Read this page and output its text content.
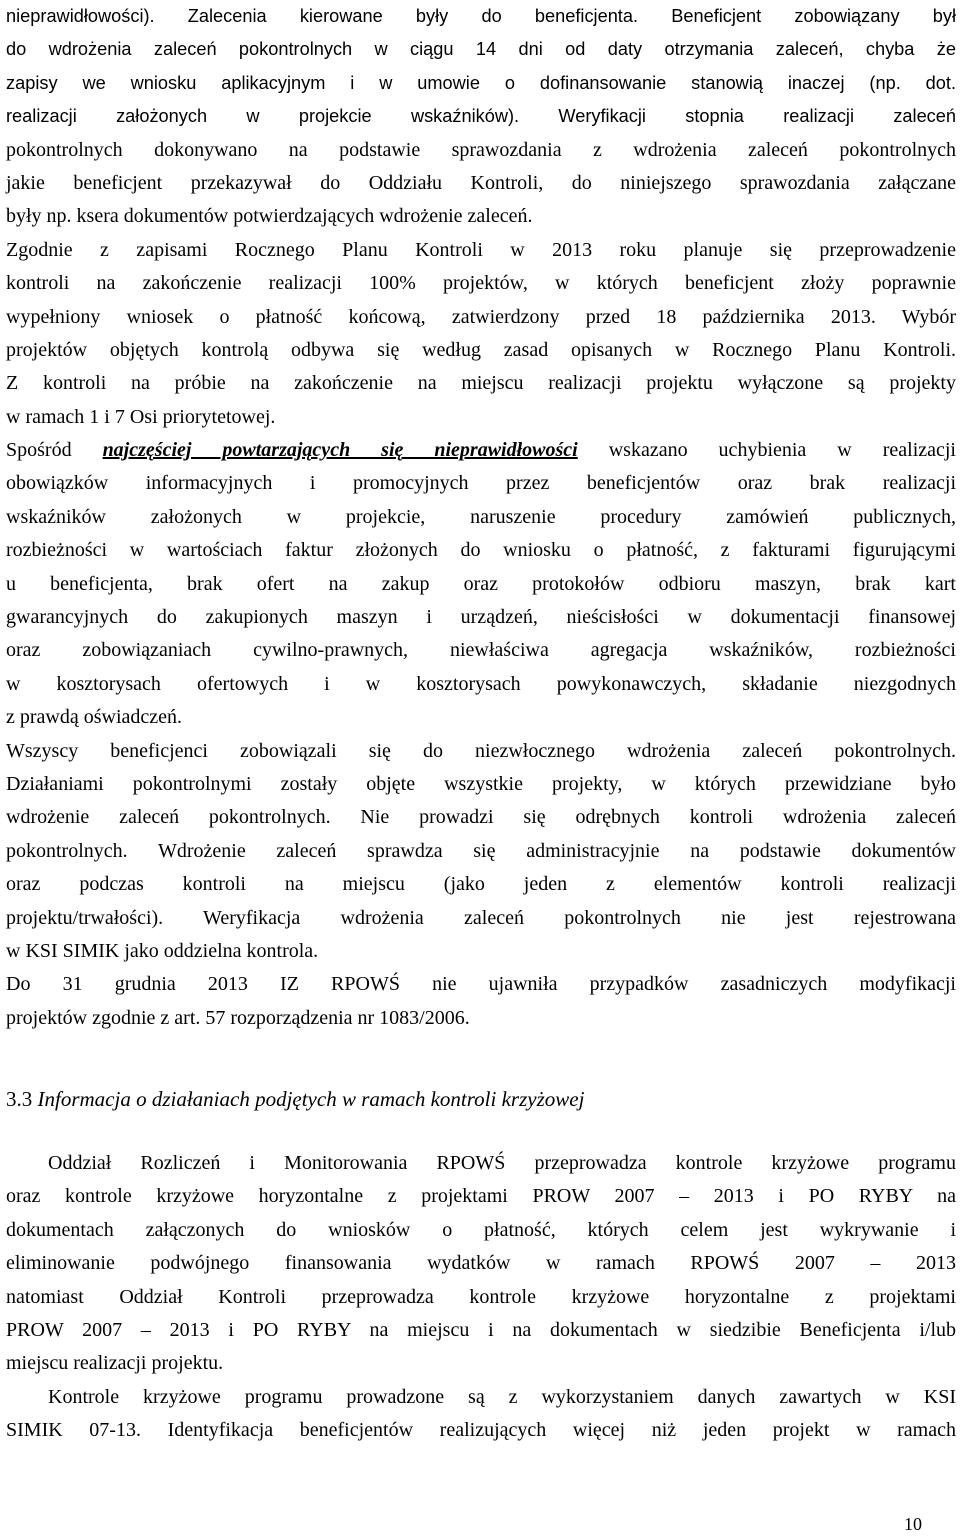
nieprawidłowości). Zalecenia kierowane były do beneficjenta. Beneficjent zobowiązany był
do wdrożenia zaleceń pokontrolnych w ciągu 14 dni od daty otrzymania zaleceń, chyba że
zapisy we wniosku aplikacyjnym i w umowie o dofinansowanie stanowią inaczej (np. dot.
realizacji założonych w projekcie wskaźników). Weryfikacji stopnia realizacji zaleceń
pokontrolnych dokonywano na podstawie sprawozdania z wdrożenia zaleceń pokontrolnych
jakie beneficjent przekazywał do Oddziału Kontroli, do niniejszego sprawozdania załączane
były np. ksera dokumentów potwierdzających wdrożenie zaleceń.
Zgodnie z zapisami Rocznego Planu Kontroli w 2013 roku planuje się przeprowadzenie
kontroli na zakończenie realizacji 100% projektów, w których beneficjent złoży poprawnie
wypełniony wniosek o płatność końcową, zatwierdzony przed 18 października 2013. Wybór
projektów objętych kontrolą odbywa się według zasad opisanych w Rocznego Planu Kontroli.
Z kontroli na próbie na zakończenie na miejscu realizacji projektu wyłączone są projekty
w ramach 1 i 7 Osi priorytetowej.
Spośród najczęściej powtarzających się nieprawidłowości wskazano uchybienia w realizacji
obowiązków informacyjnych i promocyjnych przez beneficjentów oraz brak realizacji
wskaźników założonych w projekcie, naruszenie procedury zamówień publicznych,
rozbieżności w wartościach faktur złożonych do wniosku o płatność, z fakturami figurującymi
u beneficjenta, brak ofert na zakup oraz protokołów odbioru maszyn, brak kart
gwarancyjnych do zakupionych maszyn i urządzeń, nieścisłości w dokumentacji finansowej
oraz zobowiązaniach cywilno-prawnych, niewłaściwa agregacja wskaźników, rozbieżności
w kosztorysach ofertowych i w kosztorysach powykonawczych, składanie niezgodnych
z prawdą oświadczeń.
Wszyscy beneficjenci zobowiązali się do niezwłocznego wdrożenia zaleceń pokontrolnych.
Działaniami pokontrolnymi zostały objęte wszystkie projekty, w których przewidziane było
wdrożenie zaleceń pokontrolnych. Nie prowadzi się odrębnych kontroli wdrożenia zaleceń
pokontrolnych. Wdrożenie zaleceń sprawdza się administracyjnie na podstawie dokumentów
oraz podczas kontroli na miejscu (jako jeden z elementów kontroli realizacji
projektu/trwałości). Weryfikacja wdrożenia zaleceń pokontrolnych nie jest rejestrowana
w KSI SIMIK jako oddzielna kontrola.
Do 31 grudnia 2013 IZ RPOWŚ nie ujawniła przypadków zasadniczych modyfikacji
projektów zgodnie z art. 57 rozporządzenia nr 1083/2006.
3.3 Informacja o działaniach podjętych w ramach kontroli krzyżowej
Oddział Rozliczeń i Monitorowania RPOWŚ przeprowadza kontrole krzyżowe programu
oraz kontrole krzyżowe horyzontalne z projektami PROW 2007 – 2013 i PO RYBY na
dokumentach załączonych do wniosków o płatność, których celem jest wykrywanie i
eliminowanie podwójnego finansowania wydatków w ramach RPOWŚ 2007 – 2013
natomiast Oddział Kontroli przeprowadza kontrole krzyżowe horyzontalne z projektami
PROW 2007 – 2013 i PO RYBY na miejscu i na dokumentach w siedzibie Beneficjenta i/lub
miejscu realizacji projektu.
Kontrole krzyżowe programu prowadzone są z wykorzystaniem danych zawartych w KSI
SIMIK 07-13. Identyfikacja beneficjentów realizujących więcej niż jeden projekt w ramach
10
